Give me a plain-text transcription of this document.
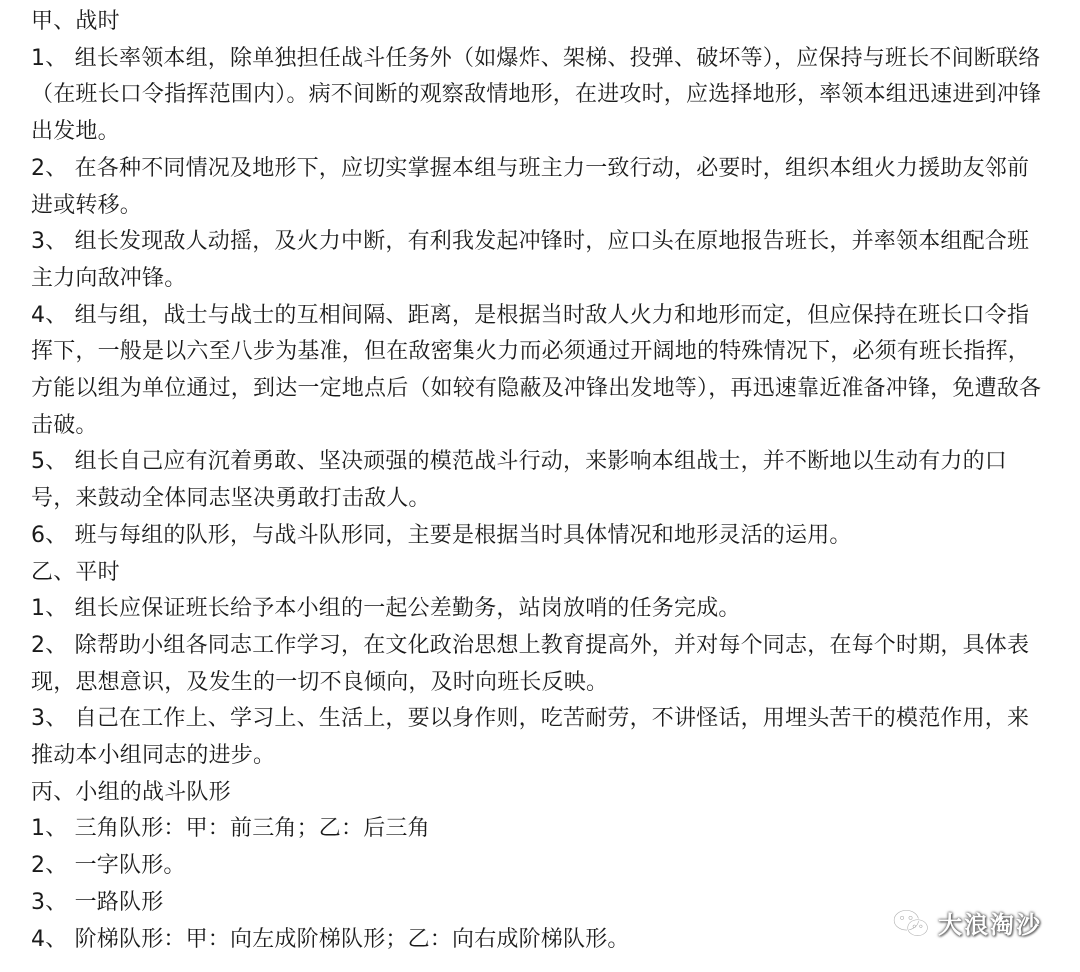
甲、战时
1、 组长率领本组，除单独担任战斗任务外（如爆炸、架梯、投弹、破坏等），应保持与班长不间断联络（在班长口令指挥范围内）。病不间断的观察敌情地形，在进攻时，应选择地形，率领本组迅速进到冲锋出发地。
2、 在各种不同情况及地形下，应切实掌握本组与班主力一致行动，必要时，组织本组火力援助友邻前进或转移。
3、 组长发现敌人动摇，及火力中断，有利我发起冲锋时，应口头在原地报告班长，并率领本组配合班主力向敌冲锋。
4、 组与组，战士与战士的互相间隔、距离，是根据当时敌人火力和地形而定，但应保持在班长口令指挥下，一般是以六至八步为基准，但在敌密集火力而必须通过开阔地的特殊情况下，必须有班长指挥，方能以组为单位通过，到达一定地点后（如较有隐蔽及冲锋出发地等），再迅速靠近准备冲锋，免遭敌各击破。
5、 组长自己应有沉着勇敢、坚决顽强的模范战斗行动，来影响本组战士，并不断地以生动有力的口号，来鼓动全体同志坚决勇敢打击敌人。
6、 班与每组的队形，与战斗队形同，主要是根据当时具体情况和地形灵活的运用。
乙、平时
1、 组长应保证班长给予本小组的一起公差勤务，站岗放哨的任务完成。
2、 除帮助小组各同志工作学习，在文化政治思想上教育提高外，并对每个同志，在每个时期，具体表现，思想意识，及发生的一切不良倾向，及时向班长反映。
3、 自己在工作上、学习上、生活上，要以身作则，吃苦耐劳，不讲怪话，用埋头苦干的模范作用，来推动本小组同志的进步。
丙、小组的战斗队形
1、 三角队形：甲：前三角；乙：后三角
2、 一字队形。
3、 一路队形
4、 阶梯队形：甲：向左成阶梯队形；乙：向右成阶梯队形。
大浪淘沙
